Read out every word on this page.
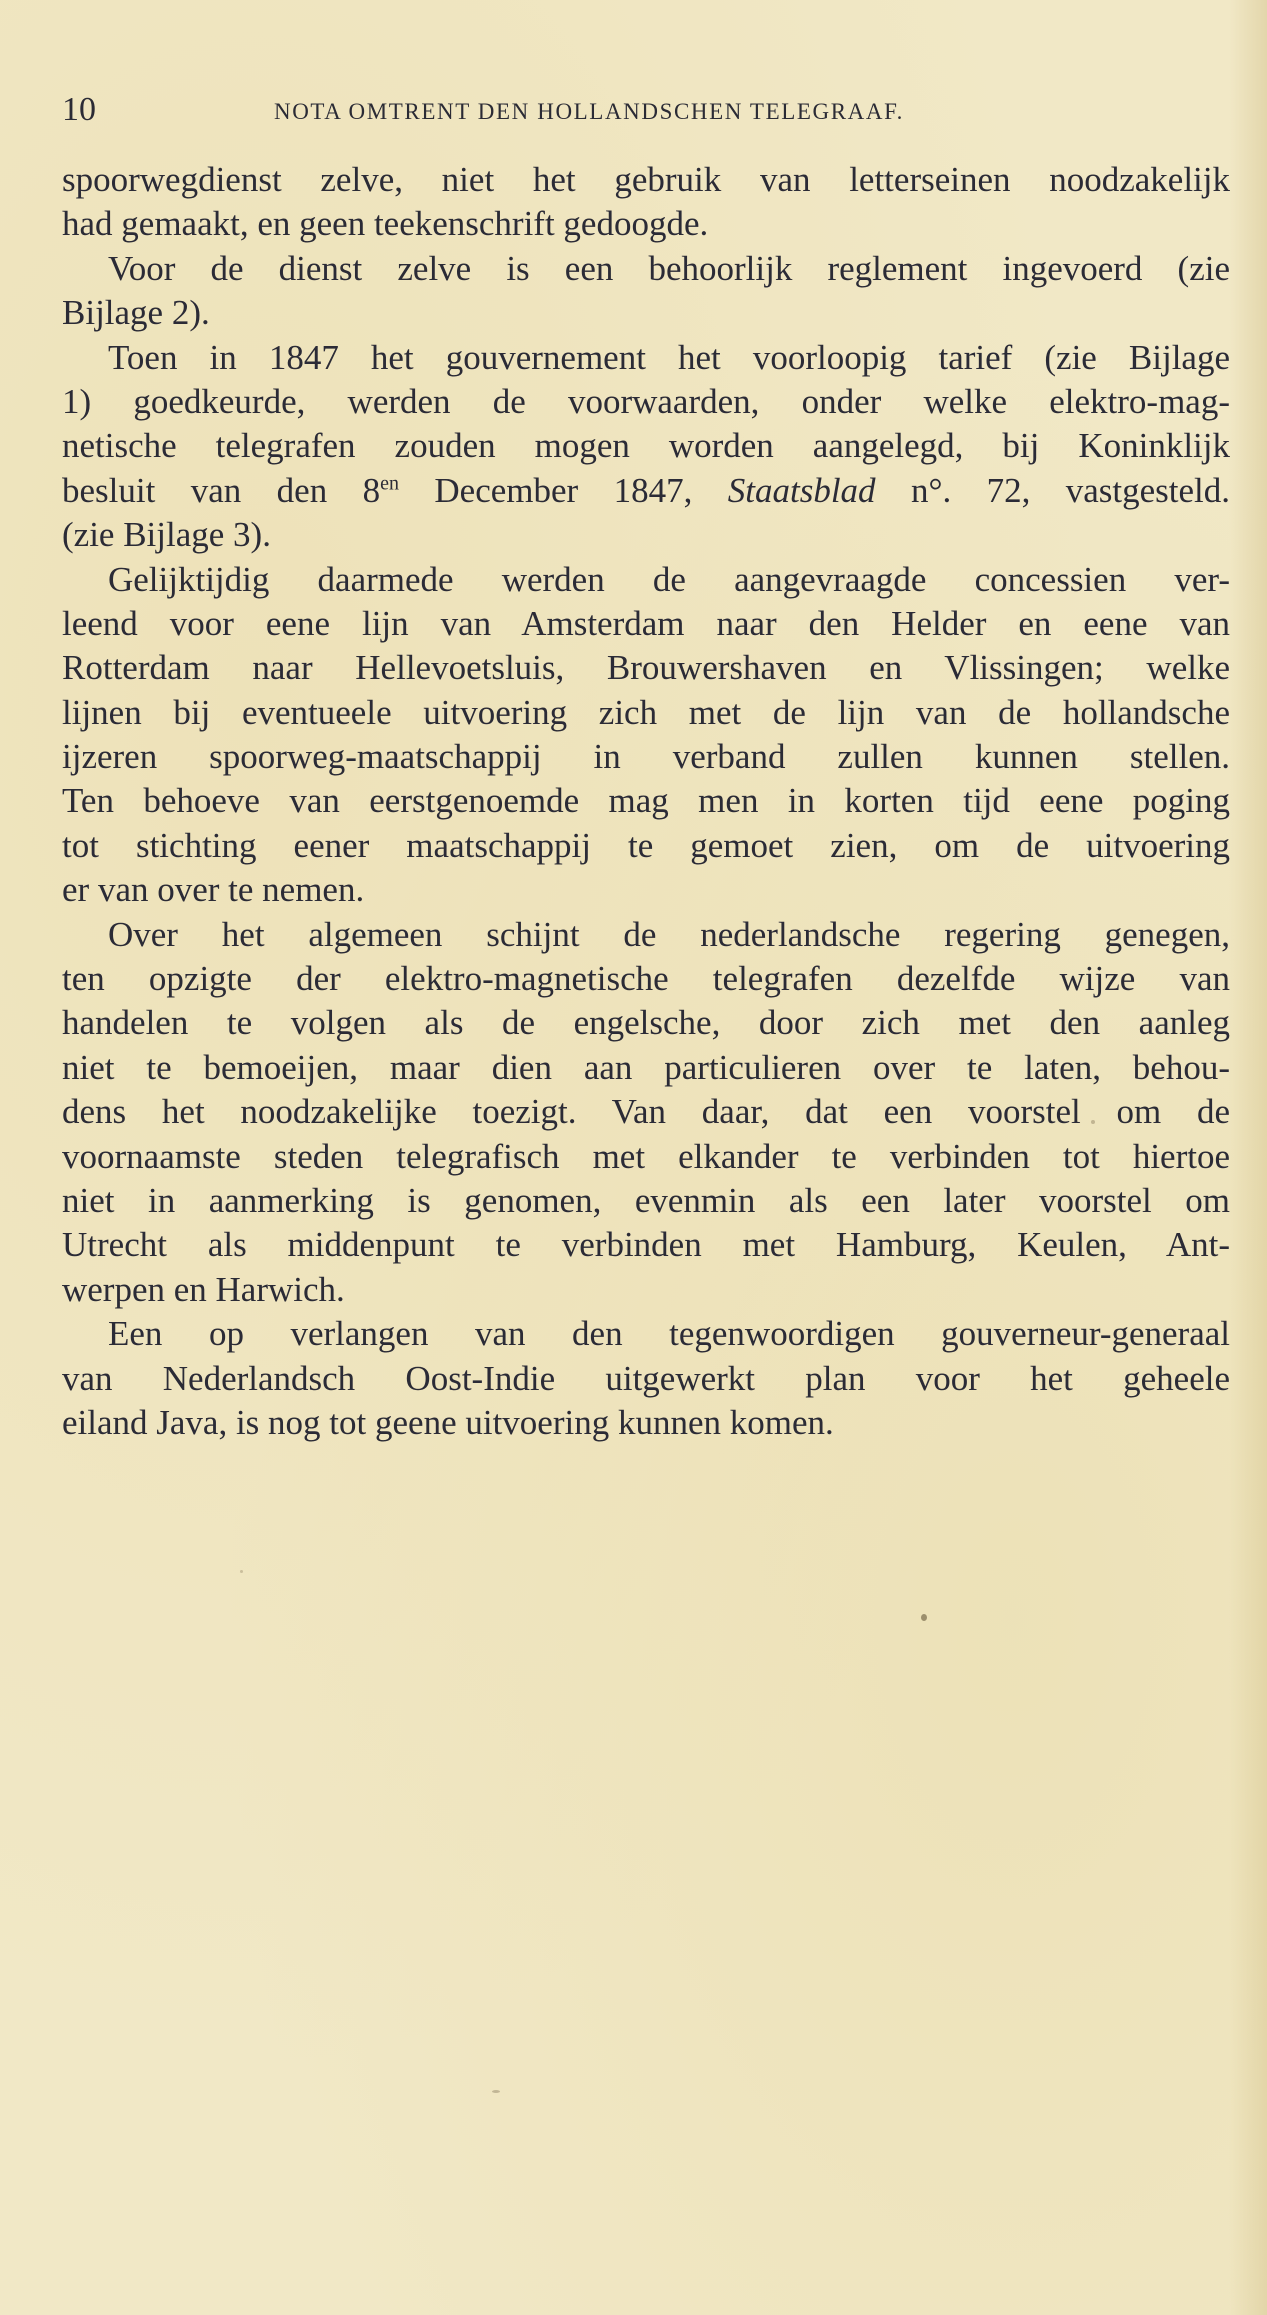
10	NOTA OMTRENT DEN HOLLANDSCHEN TELEGRAAF.
spoorwegdienst zelve, niet het gebruik van letterseinen noodzakelijk
had gemaakt, en geen teekenschrift gedoogde.
Voor de dienst zelve is een behoorlijk reglement ingevoerd (zie
Bijlage 2).
Toen in 1847 het gouvernement het voorloopig tarief (zie Bijlage
1) goedkeurde, werden de voorwaarden, onder welke elektro-mag-
netische telegrafen zouden mogen worden aangelegd, bij Koninklijk
besluit van den $8^{en}$ December 1847, Staatsblad n°. 72, vastgesteld.
(zie Bijlage 3).
Gelijktijdig daarmede werden de aangevraagde concessien ver-
leend voor eene lijn van Amsterdam naar den Helder en eene van
Rotterdam naar Hellevoetsluis, Brouwershaven en Vlissingen; welke
lijnen bij eventueele uitvoering zich met de lijn van de hollandsche
ijzeren spoorweg-maatschappij in verband zullen kunnen stellen.
Ten behoeve van eerstgenoemde mag men in korten tijd eene poging
tot stichting eener maatschappij te gemoet zien, om de uitvoering
er van over te nemen.
Over het algemeen schijnt de nederlandsche regering genegen,
ten opzigte der elektro-magnetische telegrafen dezelfde wijze van
handelen te volgen als de engelsche, door zich met den aanleg
niet te bemoeijen, maar dien aan particulieren over te laten, behou-
dens het noodzakelijke toezigt. Van daar, dat een voorstel om de
voornaamste steden telegrafisch met elkander te verbinden tot hiertoe
niet in aanmerking is genomen, evenmin als een later voorstel om
Utrecht als middenpunt te verbinden met Hamburg, Keulen, Ant-
werpen en Harwich.
Een op verlangen van den tegenwoordigen gouverneur-generaal
van Nederlandsch Oost-Indie uitgewerkt plan voor het geheele
eiland Java, is nog tot geene uitvoering kunnen komen.
